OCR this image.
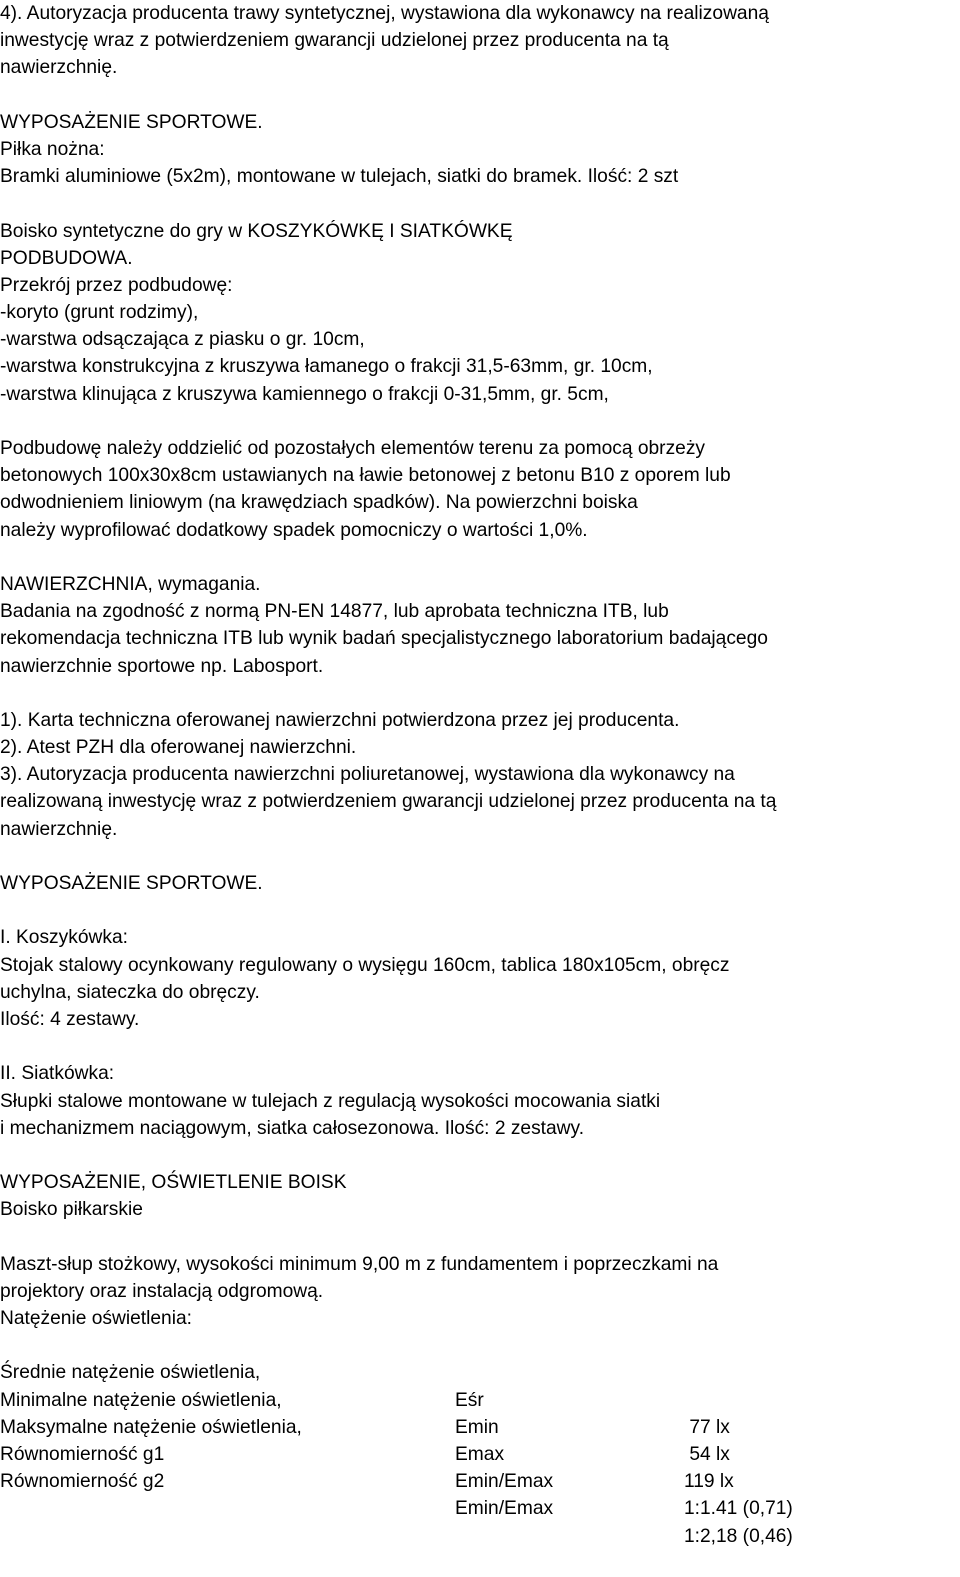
4). Autoryzacja producenta trawy syntetycznej, wystawiona dla wykonawcy na realizowaną
inwestycję wraz z potwierdzeniem gwarancji udzielonej przez producenta na tą
nawierzchnię.
WYPOSAŻENIE SPORTOWE.
Piłka nożna:
Bramki aluminiowe (5x2m), montowane w tulejach, siatki do bramek. Ilość: 2 szt
Boisko syntetyczne do gry w KOSZYKÓWKĘ I SIATKÓWKĘ
PODBUDOWA.
Przekrój przez podbudowę:
-koryto (grunt rodzimy),
-warstwa odsączająca z piasku o gr. 10cm,
-warstwa konstrukcyjna z kruszywa łamanego o frakcji 31,5-63mm, gr. 10cm,
-warstwa klinująca z kruszywa kamiennego o frakcji 0-31,5mm, gr. 5cm,
Podbudowę należy oddzielić od pozostałych elementów terenu za pomocą obrzeży
betonowych 100x30x8cm ustawianych na ławie betonowej z betonu B10 z oporem lub
odwodnieniem liniowym (na krawędziach spadków). Na powierzchni boiska
należy wyprofilować dodatkowy spadek pomocniczy o wartości 1,0%.
NAWIERZCHNIA, wymagania.
Badania na zgodność z normą PN-EN 14877, lub aprobata techniczna ITB, lub
rekomendacja techniczna ITB lub wynik badań specjalistycznego laboratorium badającego
nawierzchnie sportowe np. Labosport.
1). Karta techniczna oferowanej nawierzchni potwierdzona przez jej producenta.
2). Atest PZH dla oferowanej nawierzchni.
3). Autoryzacja producenta nawierzchni poliuretanowej, wystawiona dla wykonawcy na
realizowaną inwestycję wraz z potwierdzeniem gwarancji udzielonej przez producenta na tą
nawierzchnię.
WYPOSAŻENIE SPORTOWE.
I. Koszykówka:
Stojak stalowy ocynkowany regulowany o wysięgu 160cm, tablica 180x105cm, obręcz
uchylna, siateczka do obręczy.
Ilość: 4 zestawy.
II. Siatkówka:
Słupki stalowe montowane w tulejach z regulacją wysokości mocowania siatki
i mechanizmem naciągowym, siatka całosezonowa. Ilość: 2 zestawy.
WYPOSAŻENIE, OŚWIETLENIE BOISK
Boisko piłkarskie
Maszt-słup stożkowy, wysokości minimum 9,00 m z fundamentem i poprzeczkami na
projektory oraz instalacją odgromową.
Natężenie oświetlenia:

Średnie natężenie oświetlenia,

Eśr

77 lx

Minimalne natężenie oświetlenia,

Emin

54 lx

Maksymalne natężenie oświetlenia,

Emax

119 lx

Równomierność g1

Emin/Emax

1:1.41 (0,71)

Równomierność g2

Emin/Emax

1:2,18 (0,46)
